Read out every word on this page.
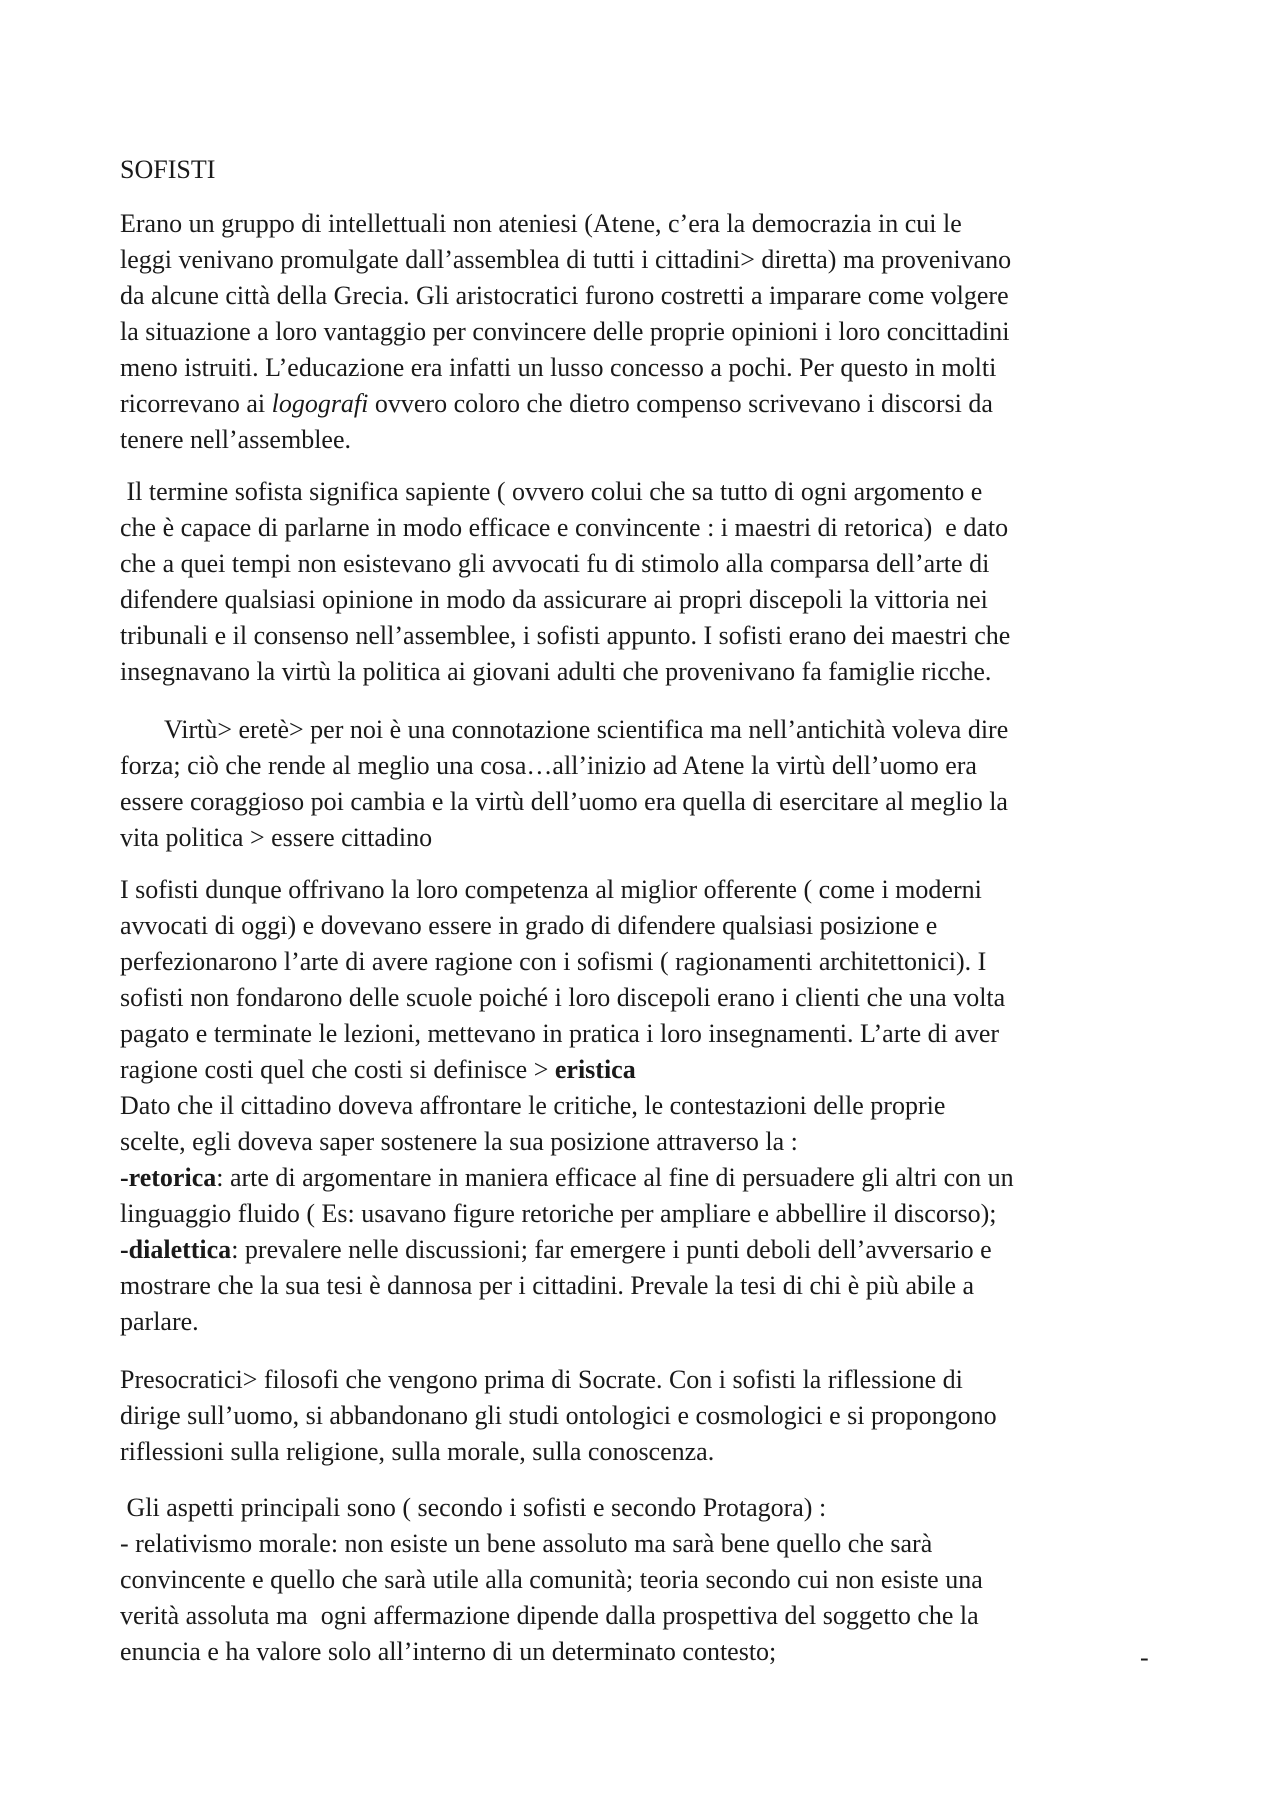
SOFISTI
Erano un gruppo di intellettuali non ateniesi (Atene, c’era la democrazia in cui le
leggi venivano promulgate dall’assemblea di tutti i cittadini> diretta) ma provenivano
da alcune città della Grecia. Gli aristocratici furono costretti a imparare come volgere
la situazione a loro vantaggio per convincere delle proprie opinioni i loro concittadini
meno istruiti. L’educazione era infatti un lusso concesso a pochi. Per questo in molti
ricorrevano ai logografi ovvero coloro che dietro compenso scrivevano i discorsi da
tenere nell’assemblee.
Il termine sofista significa sapiente ( ovvero colui che sa tutto di ogni argomento e
che è capace di parlarne in modo efficace e convincente : i maestri di retorica)  e dato
che a quei tempi non esistevano gli avvocati fu di stimolo alla comparsa dell’arte di
difendere qualsiasi opinione in modo da assicurare ai propri discepoli la vittoria nei
tribunali e il consenso nell’assemblee, i sofisti appunto. I sofisti erano dei maestri che
insegnavano la virtù la politica ai giovani adulti che provenivano fa famiglie ricche.
Virtù> eretè> per noi è una connotazione scientifica ma nell’antichità voleva dire
forza; ciò che rende al meglio una cosa…all’inizio ad Atene la virtù dell’uomo era
essere coraggioso poi cambia e la virtù dell’uomo era quella di esercitare al meglio la
vita politica > essere cittadino
I sofisti dunque offrivano la loro competenza al miglior offerente ( come i moderni
avvocati di oggi) e dovevano essere in grado di difendere qualsiasi posizione e
perfezionarono l’arte di avere ragione con i sofismi ( ragionamenti architettonici). I
sofisti non fondarono delle scuole poiché i loro discepoli erano i clienti che una volta
pagato e terminate le lezioni, mettevano in pratica i loro insegnamenti. L’arte di aver
ragione costi quel che costi si definisce > eristica
Dato che il cittadino doveva affrontare le critiche, le contestazioni delle proprie
scelte, egli doveva saper sostenere la sua posizione attraverso la :
-retorica: arte di argomentare in maniera efficace al fine di persuadere gli altri con un
linguaggio fluido ( Es: usavano figure retoriche per ampliare e abbellire il discorso);
-dialettica: prevalere nelle discussioni; far emergere i punti deboli dell’avversario e
mostrare che la sua tesi è dannosa per i cittadini. Prevale la tesi di chi è più abile a
parlare.
Presocratici> filosofi che vengono prima di Socrate. Con i sofisti la riflessione di
dirige sull’uomo, si abbandonano gli studi ontologici e cosmologici e si propongono
riflessioni sulla religione, sulla morale, sulla conoscenza.
Gli aspetti principali sono ( secondo i sofisti e secondo Protagora) :
- relativismo morale: non esiste un bene assoluto ma sarà bene quello che sarà
convincente e quello che sarà utile alla comunità; teoria secondo cui non esiste una
verità assoluta ma  ogni affermazione dipende dalla prospettiva del soggetto che la
enuncia e ha valore solo all’interno di un determinato contesto;	-
